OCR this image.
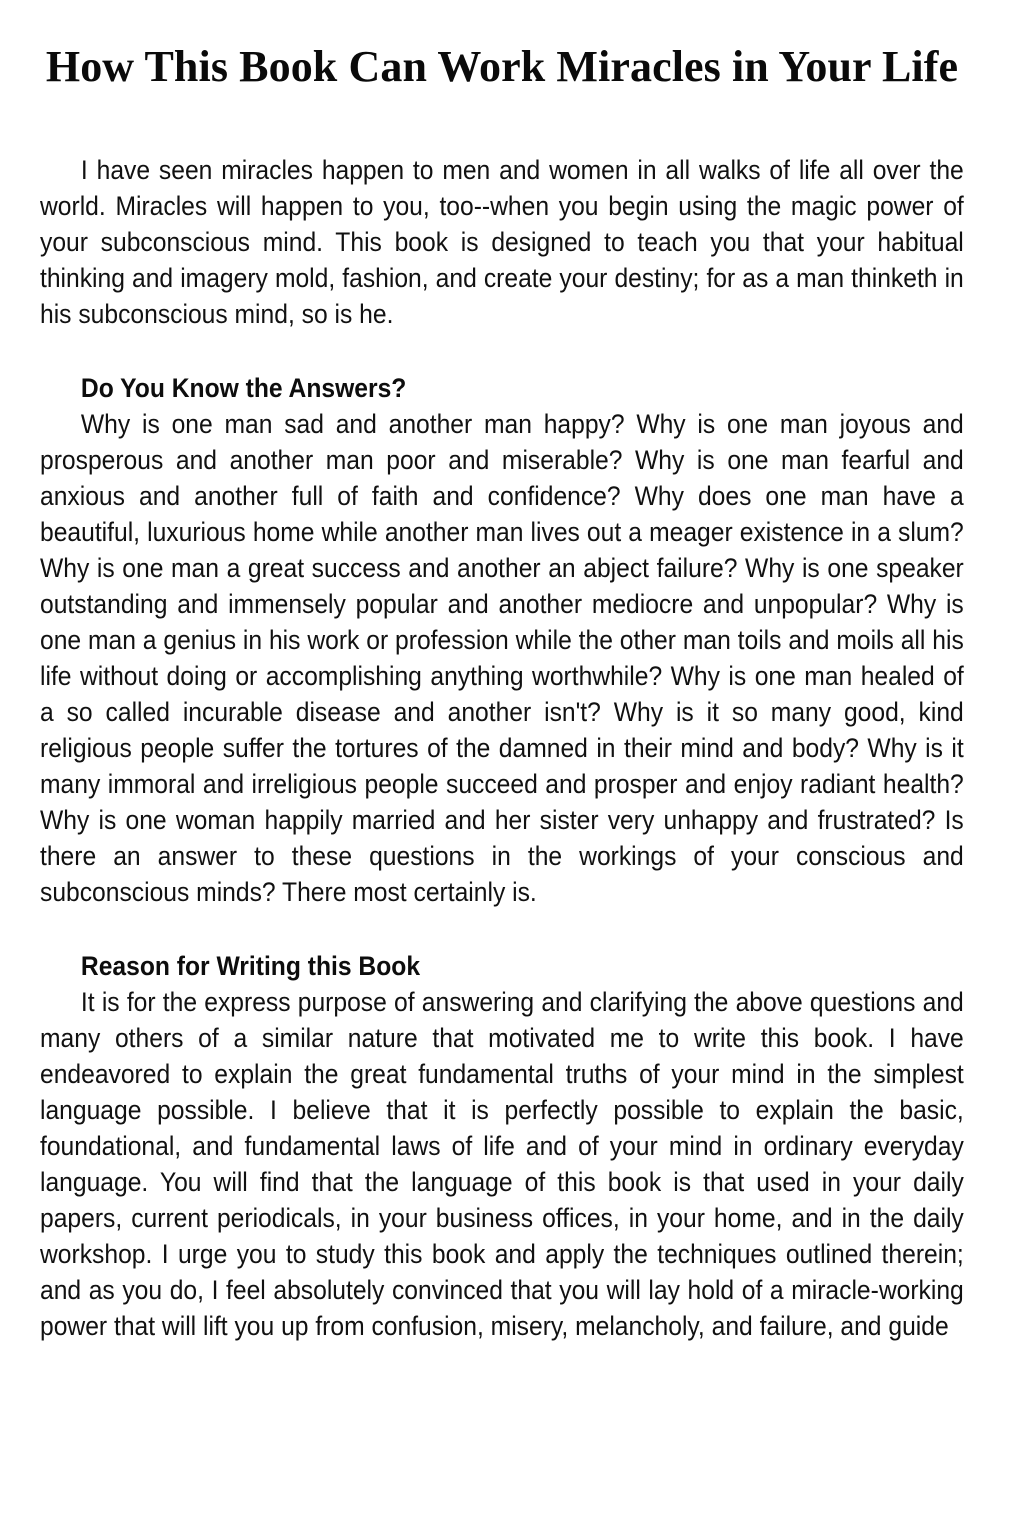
How This Book Can Work Miracles in Your Life

I have seen miracles happen to men and women in all walks of life all over the world. Miracles will happen to you, too--when you begin using the magic power of your subconscious mind. This book is designed to teach you that your habitual thinking and imagery mold, fashion, and create your destiny; for as a man thinketh in his subconscious mind, so is he.

Do You Know the Answers?

Why is one man sad and another man happy? Why is one man joyous and prosperous and another man poor and miserable? Why is one man fearful and anxious and another full of faith and confidence? Why does one man have a beautiful, luxurious home while another man lives out a meager existence in a slum? Why is one man a great success and another an abject failure? Why is one speaker outstanding and immensely popular and another mediocre and unpopular? Why is one man a genius in his work or profession while the other man toils and moils all his life without doing or accomplishing anything worthwhile? Why is one man healed of a so called incurable disease and another isn't? Why is it so many good, kind religious people suffer the tortures of the damned in their mind and body? Why is it many immoral and irreligious people succeed and prosper and enjoy radiant health? Why is one woman happily married and her sister very unhappy and frustrated? Is there an answer to these questions in the workings of your conscious and subconscious minds? There most certainly is.

Reason for Writing this Book

It is for the express purpose of answering and clarifying the above questions and many others of a similar nature that motivated me to write this book. I have endeavored to explain the great fundamental truths of your mind in the simplest language possible. I believe that it is perfectly possible to explain the basic, foundational, and fundamental laws of life and of your mind in ordinary everyday language. You will find that the language of this book is that used in your daily papers, current periodicals, in your business offices, in your home, and in the daily workshop. I urge you to study this book and apply the techniques outlined therein; and as you do, I feel absolutely convinced that you will lay hold of a miracle-working power that will lift you up from confusion, misery, melancholy, and failure, and guide
